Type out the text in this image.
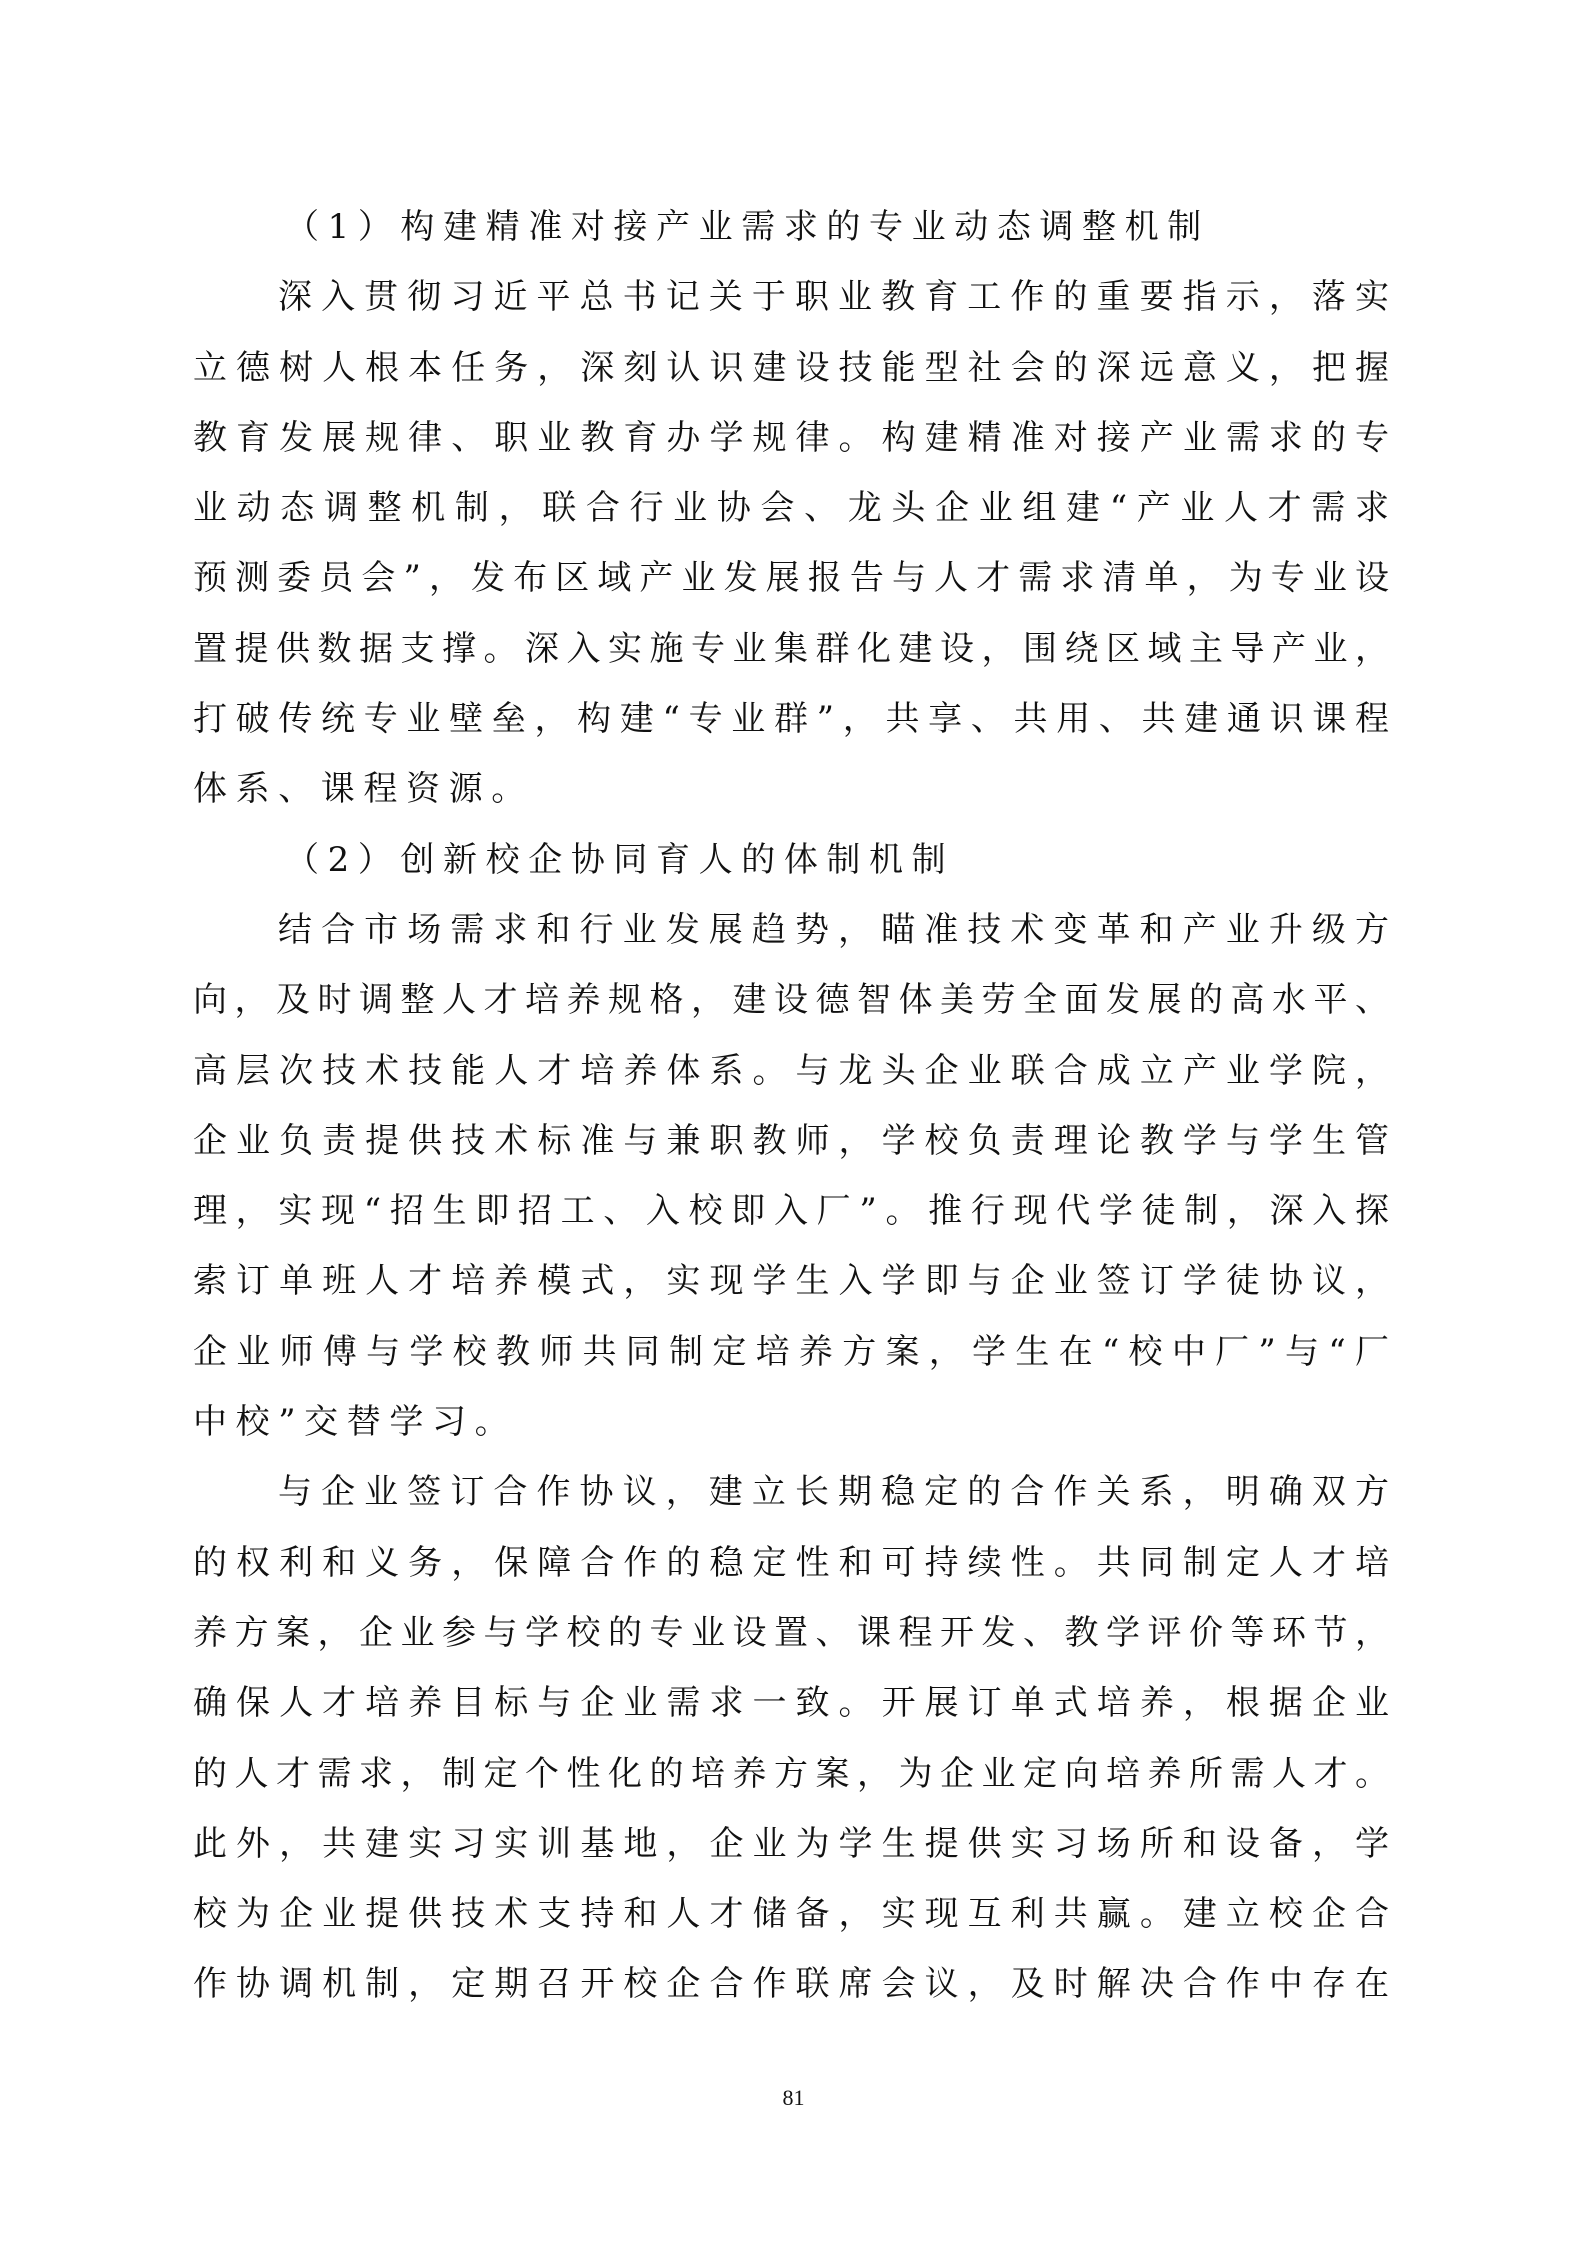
（1）构建精准对接产业需求的专业动态调整机制
深入贯彻习近平总书记关于职业教育工作的重要指示，落实
立德树人根本任务，深刻认识建设技能型社会的深远意义，把握
教育发展规律、职业教育办学规律。构建精准对接产业需求的专
业动态调整机制，联合行业协会、龙头企业组建“产业人才需求
预测委员会”，发布区域产业发展报告与人才需求清单，为专业设
置提供数据支撑。深入实施专业集群化建设，围绕区域主导产业，
打破传统专业壁垒，构建“专业群”，共享、共用、共建通识课程
体系、课程资源。
（2）创新校企协同育人的体制机制
结合市场需求和行业发展趋势，瞄准技术变革和产业升级方
向，及时调整人才培养规格，建设德智体美劳全面发展的高水平、
高层次技术技能人才培养体系。与龙头企业联合成立产业学院，
企业负责提供技术标准与兼职教师，学校负责理论教学与学生管
理，实现“招生即招工、入校即入厂”。推行现代学徒制，深入探
索订单班人才培养模式，实现学生入学即与企业签订学徒协议，
企业师傅与学校教师共同制定培养方案，学生在“校中厂”与“厂
中校”交替学习。
与企业签订合作协议，建立长期稳定的合作关系，明确双方
的权利和义务，保障合作的稳定性和可持续性。共同制定人才培
养方案，企业参与学校的专业设置、课程开发、教学评价等环节，
确保人才培养目标与企业需求一致。开展订单式培养，根据企业
的人才需求，制定个性化的培养方案，为企业定向培养所需人才。
此外，共建实习实训基地，企业为学生提供实习场所和设备，学
校为企业提供技术支持和人才储备，实现互利共赢。建立校企合
作协调机制，定期召开校企合作联席会议，及时解决合作中存在
81
